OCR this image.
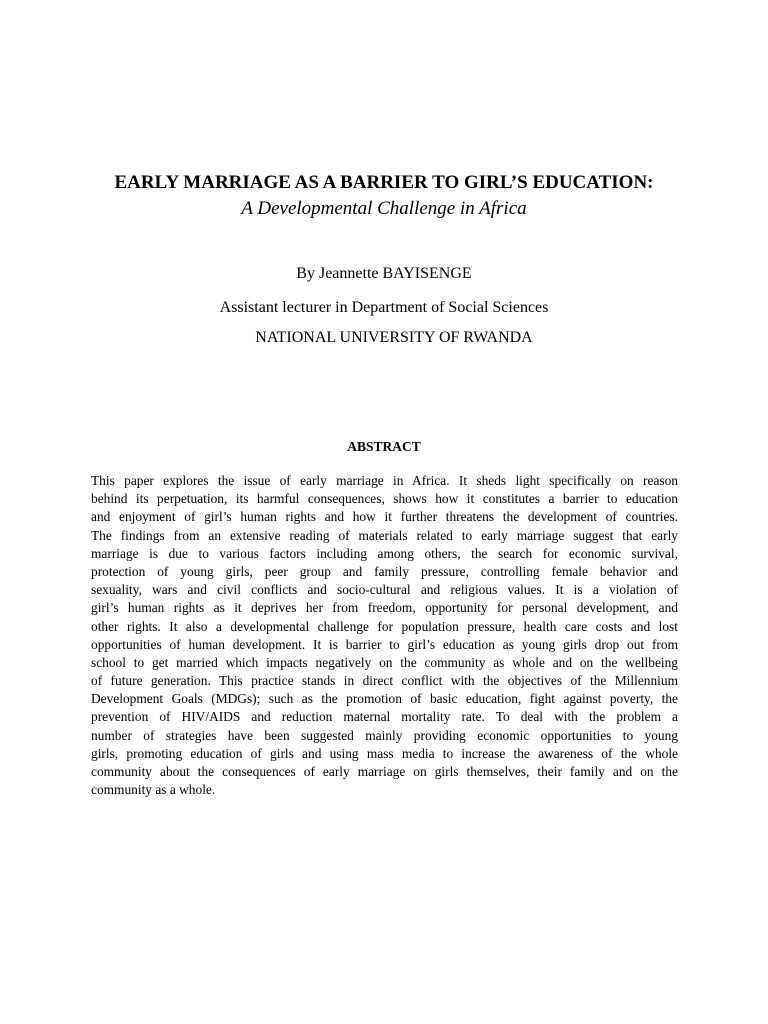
EARLY MARRIAGE AS A BARRIER TO GIRL’S EDUCATION:
A Developmental Challenge in Africa
By Jeannette BAYISENGE
Assistant lecturer in Department of Social Sciences
NATIONAL UNIVERSITY OF RWANDA
ABSTRACT
This paper explores the issue of early marriage in Africa. It sheds light specifically on reason
behind its perpetuation, its harmful consequences, shows how it constitutes a barrier to education
and enjoyment of girl’s human rights and how it further threatens the development of countries.
The findings from an extensive reading of materials related to early marriage suggest that early
marriage is due to various factors including among others, the search for economic survival,
protection of young girls, peer group and family pressure, controlling female behavior and
sexuality, wars and civil conflicts and socio-cultural and religious values. It is a violation of
girl’s human rights as it deprives her from freedom, opportunity for personal development, and
other rights. It also a developmental challenge for population pressure, health care costs and lost
opportunities of human development. It is barrier to girl’s education as young girls drop out from
school to get married which impacts negatively on the community as whole and on the wellbeing
of future generation. This practice stands in direct conflict with the objectives of the Millennium
Development Goals (MDGs); such as the promotion of basic education, fight against poverty, the
prevention of HIV/AIDS and reduction maternal mortality rate. To deal with the problem a
number of strategies have been suggested mainly providing economic opportunities to young
girls, promoting education of girls and using mass media to increase the awareness of the whole
community about the consequences of early marriage on girls themselves, their family and on the
community as a whole.
